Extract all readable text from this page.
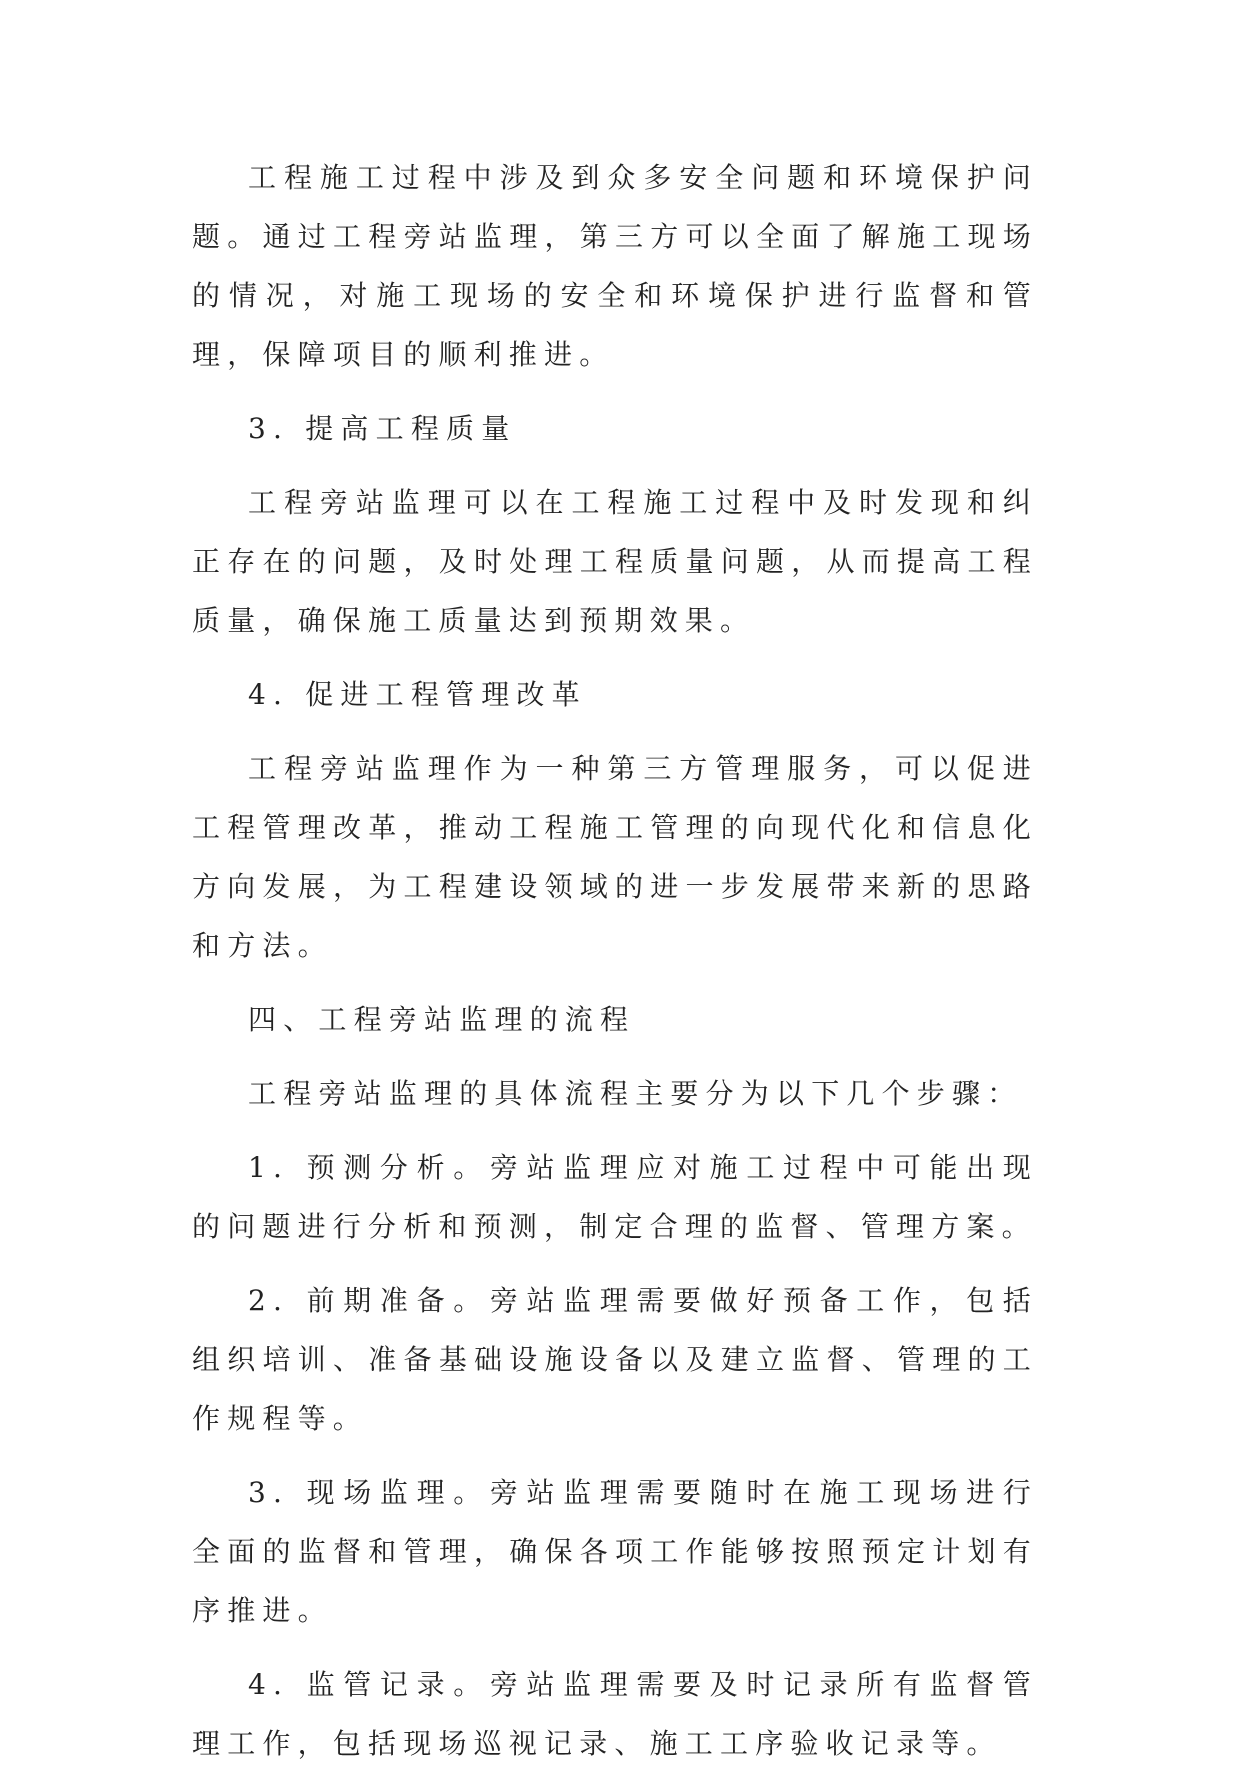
工程施工过程中涉及到众多安全问题和环境保护问题。通过工程旁站监理，第三方可以全面了解施工现场的情况，对施工现场的安全和环境保护进行监督和管理，保障项目的顺利推进。

3. 提高工程质量

工程旁站监理可以在工程施工过程中及时发现和纠正存在的问题，及时处理工程质量问题，从而提高工程质量，确保施工质量达到预期效果。

4. 促进工程管理改革

工程旁站监理作为一种第三方管理服务，可以促进工程管理改革，推动工程施工管理的向现代化和信息化方向发展，为工程建设领域的进一步发展带来新的思路和方法。

四、工程旁站监理的流程

工程旁站监理的具体流程主要分为以下几个步骤：

1. 预测分析。旁站监理应对施工过程中可能出现的问题进行分析和预测，制定合理的监督、管理方案。

2. 前期准备。旁站监理需要做好预备工作，包括组织培训、准备基础设施设备以及建立监督、管理的工作规程等。

3. 现场监理。旁站监理需要随时在施工现场进行全面的监督和管理，确保各项工作能够按照预定计划有序推进。

4. 监管记录。旁站监理需要及时记录所有监督管理工作，包括现场巡视记录、施工工序验收记录等。
